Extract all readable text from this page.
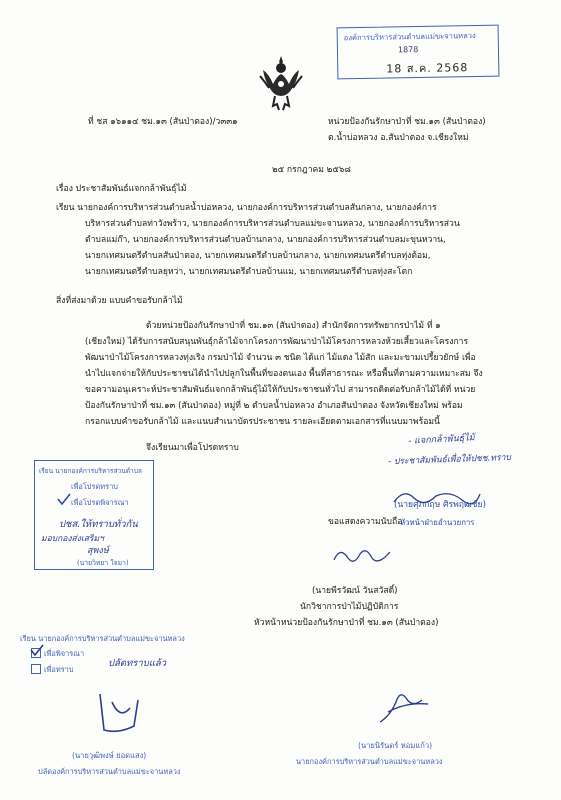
องค์การบริหารส่วนตำบลแม่ขะจานหลวง
1878
18 ส.ค. 2568
ที่ ชส ๑๖๑๑๔ ชม.๑๓ (สันป่าตอง)/ว๓๓๑	หน่วยป้องกันรักษาป่าที่ ชม.๑๓ (สันป่าตอง)
ต.น้ำบ่อหลวง อ.สันป่าตอง จ.เชียงใหม่
๒๕ กรกฎาคม ๒๕๖๘
เรื่อง ประชาสัมพันธ์แจกกล้าพันธุ์ไม้
เรียน นายกองค์การบริหารส่วนตำบลน้ำบ่อหลวง, นายกองค์การบริหารส่วนตำบลสันกลาง, นายกองค์การ
บริหารส่วนตำบลท่าวังพร้าว, นายกองค์การบริหารส่วนตำบลแม่ขะจานหลวง, นายกองค์การบริหารส่วน
ตำบลแม่ก๊า, นายกองค์การบริหารส่วนตำบลบ้านกลาง, นายกองค์การบริหารส่วนตำบลมะขุนหวาน,
นายกเทศมนตรีตำบลสันป่าตอง, นายกเทศมนตรีตำบลบ้านกลาง, นายกเทศมนตรีตำบลทุ่งต้อม,
นายกเทศมนตรีตำบลยุหว่า, นายกเทศมนตรีตำบลบ้านแม, นายกเทศมนตรีตำบลทุ่งสะโตก
สิ่งที่ส่งมาด้วย แบบคำขอรับกล้าไม้
ด้วยหน่วยป้องกันรักษาป่าที่ ชม.๑๓ (สันป่าตอง) สำนักจัดการทรัพยากรป่าไม้ ที่ ๑
(เชียงใหม่) ได้รับการสนับสนุนพันธุ์กล้าไม้จากโครงการพัฒนาป่าไม้โครงการหลวงห้วยเสี้ยวและโครงการ
พัฒนาป่าไม้โครงการหลวงทุ่งเริง กรมป่าไม้ จำนวน ๓ ชนิด ได้แก่ ไม้แดง ไม้สัก และมะขามเปรี้ยวยักษ์ เพื่อ
นำไปแจกจ่ายให้กับประชาชนได้นำไปปลูกในพื้นที่ของตนเอง พื้นที่สาธารณะ หรือพื้นที่ตามความเหมาะสม จึง
ขอความอนุเคราะห์ประชาสัมพันธ์แจกกล้าพันธุ์ไม้ให้กับประชาชนทั่วไป สามารถติดต่อรับกล้าไม้ได้ที่ หน่วย
ป้องกันรักษาป่าที่ ชม.๑๓ (สันป่าตอง) หมู่ที่ ๒ ตำบลน้ำบ่อหลวง อำเภอสันป่าตอง จังหวัดเชียงใหม่ พร้อม
กรอกแบบคำขอรับกล้าไม้ และแนบสำเนาบัตรประชาชน รายละเอียดตามเอกสารที่แนบมาพร้อมนี้
จึงเรียนมาเพื่อโปรดทราบ
- แจกกล้าพันธุ์ไม้
- ประชาสัมพันธ์เพื่อให้ปชช.ทราบ
เรียน นายกองค์การบริหารส่วนตำบล
เพื่อโปรดทราบ
เพื่อโปรดพิจารณา
ปชส.ให้ทราบทั่วกัน
มอบกองส่งเสริมฯ
สุพงษ์
(นายวิทยา ใจมา)
ขอแสดงความนับถือ
(นายศุภกฤษ ศิรพฤฒชัย)
หัวหน้าฝ่ายอำนวยการ
(นายพีรวัฒน์ วันสวัสดิ์)
นักวิชาการป่าไม้ปฏิบัติการ
หัวหน้าหน่วยป้องกันรักษาป่าที่ ชม.๑๓ (สันป่าตอง)
เรียน นายกองค์การบริหารส่วนตำบลแม่ขะจานหลวง
เพื่อพิจารณา
เพื่อทราบ
ปลัดทราบแล้ว
(นายวุฒิพงษ์ ยอดแสง)
ปลัดองค์การบริหารส่วนตำบลแม่ขะจานหลวง
(นายนิรันดร์ หอมแก้ว)
นายกองค์การบริหารส่วนตำบลแม่ขะจานหลวง
